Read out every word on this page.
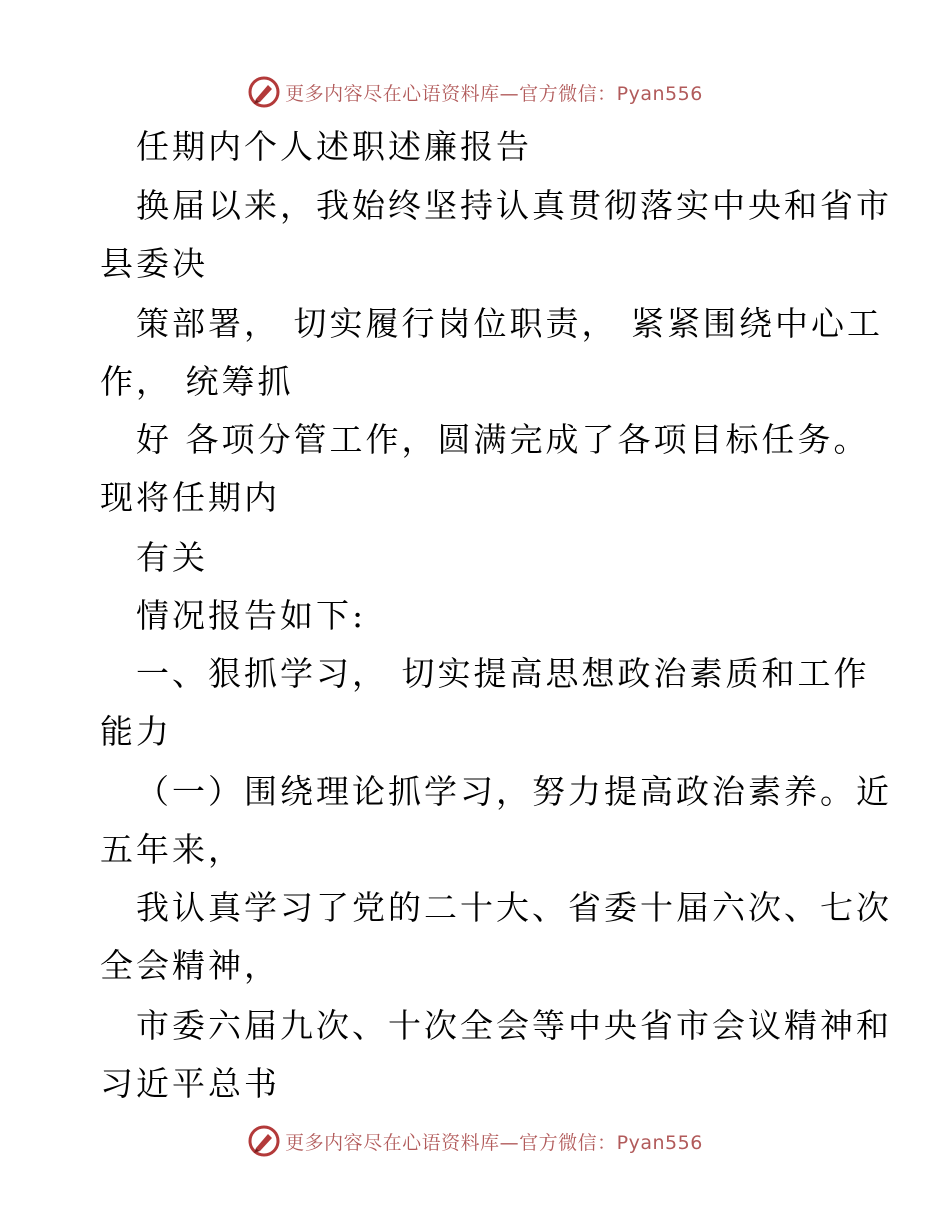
更多内容尽在心语资料库—官方微信：Pyan556
任期内个人述职述廉报告
换届以来，我始终坚持认真贯彻落实中央和省市
县委决
策部署， 切实履行岗位职责， 紧紧围绕中心工
作， 统筹抓
好 各项分管工作，圆满完成了各项目标任务。
现将任期内
有关
情况报告如下:
一、狠抓学习， 切实提高思想政治素质和工作
能力
（一）围绕理论抓学习，努力提高政治素养。近
五年来，
我认真学习了党的二十大、省委十届六次、七次
全会精神，
市委六届九次、十次全会等中央省市会议精神和
习近平总书
更多内容尽在心语资料库—官方微信：Pyan556
